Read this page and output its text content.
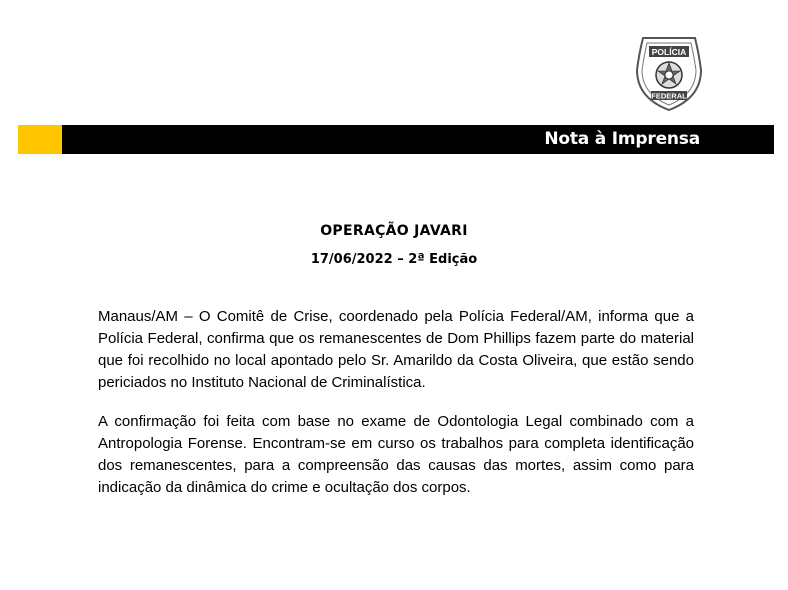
POLÍCIA
FEDERAL
Nota à Imprensa
OPERAÇÃO JAVARI
17/06/2022 – 2ª Edição

Manaus/AM – O Comitê de Crise, coordenado pela Polícia Federal/AM, informa que a Polícia Federal, confirma que os remanescentes de Dom Phillips fazem parte do material que foi recolhido no local apontado pelo Sr. Amarildo da Costa Oliveira, que estão sendo periciados no Instituto Nacional de Criminalística.

A confirmação foi feita com base no exame de Odontologia Legal combinado com a Antropologia Forense. Encontram-se em curso os trabalhos para completa identificação dos remanescentes, para a compreensão das causas das mortes, assim como para indicação da dinâmica do crime e ocultação dos corpos.
